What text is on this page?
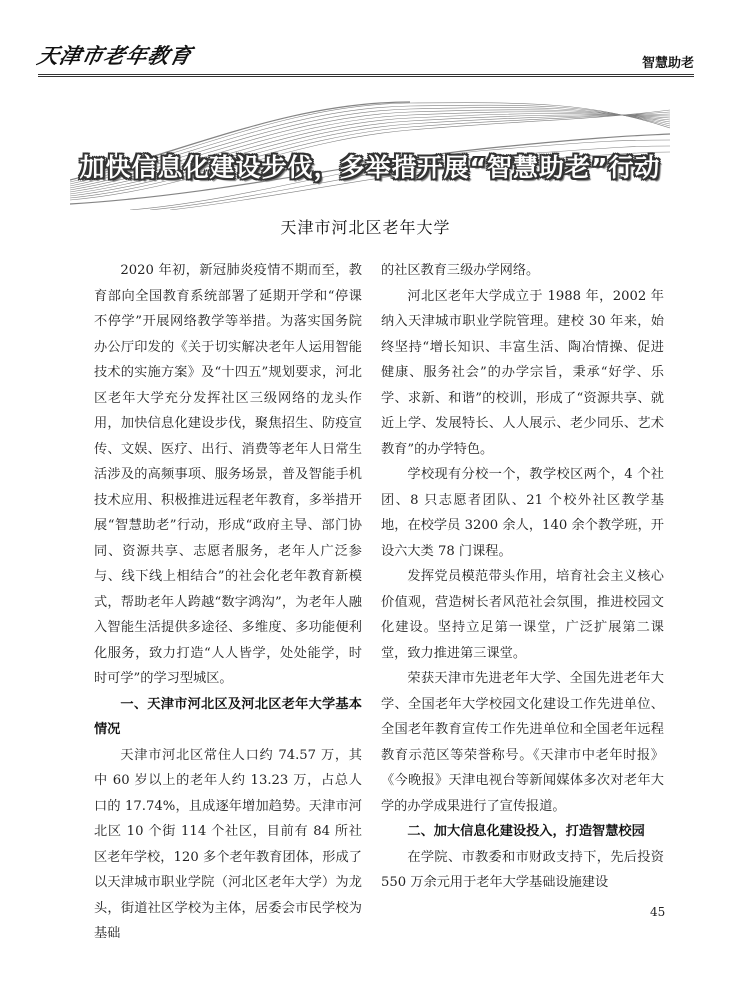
天津市老年教育	智慧助老
加快信息化建设步伐，多举措开展“智慧助老”行动
天津市河北区老年大学

2020 年初，新冠肺炎疫情不期而至，教育部向全国教育系统部署了延期开学和“停课不停学”开展网络教学等举措。为落实国务院办公厅印发的《关于切实解决老年人运用智能技术的实施方案》及“十四五”规划要求，河北区老年大学充分发挥社区三级网络的龙头作用，加快信息化建设步伐，聚焦招生、防疫宣传、文娱、医疗、出行、消费等老年人日常生活涉及的高频事项、服务场景，普及智能手机技术应用、积极推进远程老年教育，多举措开展“智慧助老”行动，形成“政府主导、部门协同、资源共享、志愿者服务，老年人广泛参与、线下线上相结合”的社会化老年教育新模式，帮助老年人跨越“数字鸿沟”，为老年人融入智能生活提供多途径、多维度、多功能便利化服务，致力打造“人人皆学，处处能学，时时可学”的学习型城区。

一、天津市河北区及河北区老年大学基本情况

天津市河北区常住人口约 74.57 万，其中 60 岁以上的老年人约 13.23 万，占总人口的 17.74%，且成逐年增加趋势。天津市河北区 10 个街 114 个社区，目前有 84 所社区老年学校，120 多个老年教育团体，形成了以天津城市职业学院（河北区老年大学）为龙头，街道社区学校为主体，居委会市民学校为基础

的社区教育三级办学网络。

河北区老年大学成立于 1988 年，2002 年纳入天津城市职业学院管理。建校 30 年来，始终坚持“增长知识、丰富生活、陶冶情操、促进健康、服务社会”的办学宗旨，秉承“好学、乐学、求新、和谐”的校训，形成了“资源共享、就近上学、发展特长、人人展示、老少同乐、艺术教育”的办学特色。

学校现有分校一个，教学校区两个，4 个社团、8 只志愿者团队、21 个校外社区教学基地，在校学员 3200 余人，140 余个教学班，开设六大类 78 门课程。

发挥党员模范带头作用，培育社会主义核心价值观，营造树长者风范社会氛围，推进校园文化建设。坚持立足第一课堂，广泛扩展第二课堂，致力推进第三课堂。

荣获天津市先进老年大学、全国先进老年大学、全国老年大学校园文化建设工作先进单位、全国老年教育宣传工作先进单位和全国老年远程教育示范区等荣誉称号。《天津市中老年时报》《今晚报》天津电视台等新闻媒体多次对老年大学的办学成果进行了宣传报道。

二、加大信息化建设投入，打造智慧校园

在学院、市教委和市财政支持下，先后投资 550 万余元用于老年大学基础设施建设

45
